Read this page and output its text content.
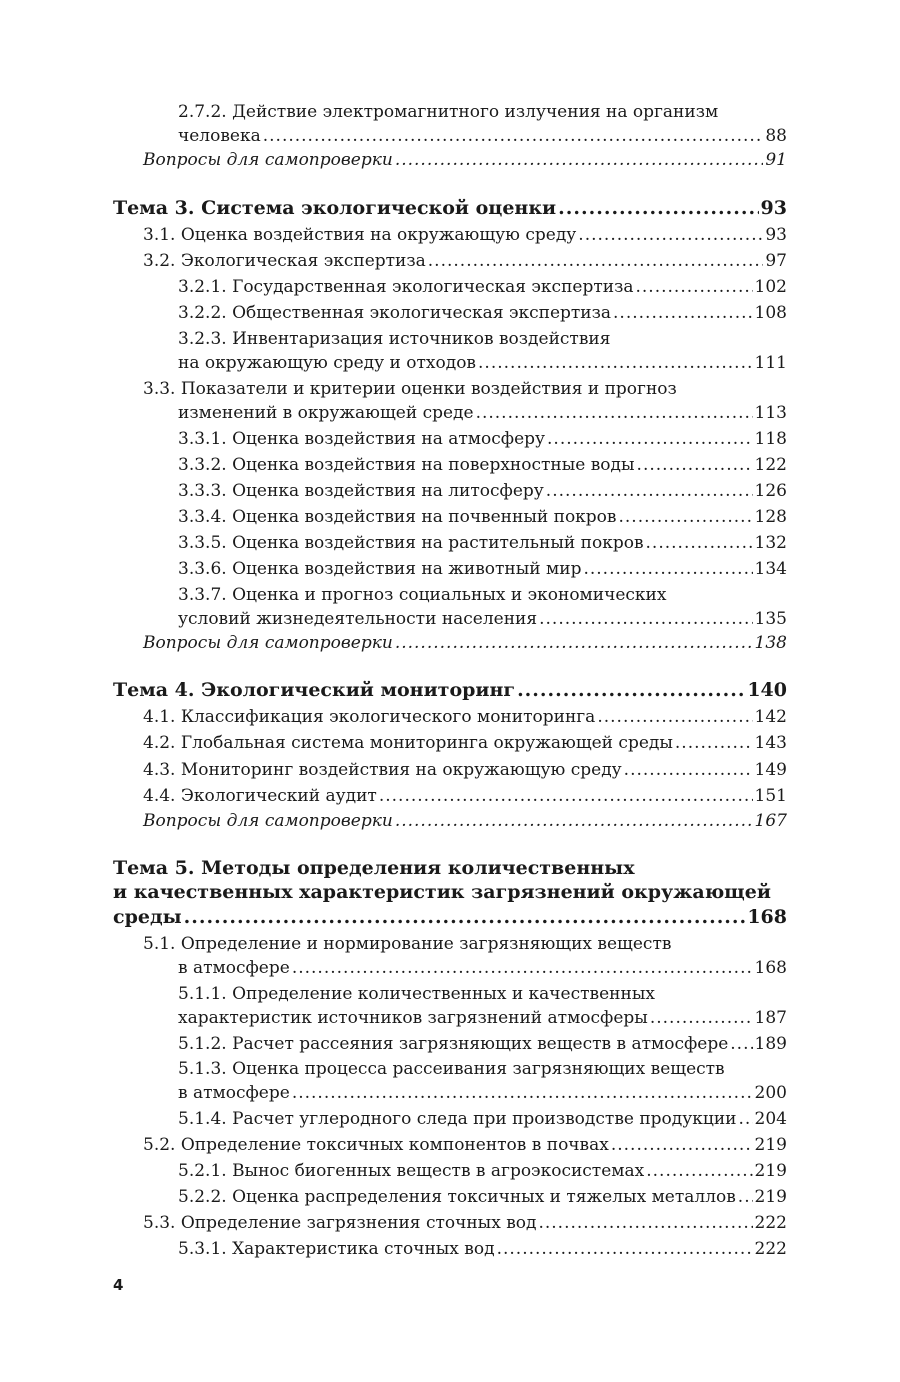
2.7.2. Действие электромагнитного излучения на организм
человека .....	88
Вопросы для самопроверки .....	91
Тема 3. Система экологической оценки .....	93
3.1. Оценка воздействия на окружающую среду .....	93
3.2. Экологическая экспертиза .....	97
3.2.1. Государственная экологическая экспертиза .....	102
3.2.2. Общественная экологическая экспертиза .....	108
3.2.3. Инвентаризация источников воздействия
на окружающую среду и отходов .....	111
3.3. Показатели и критерии оценки воздействия и прогноз
изменений в окружающей среде .....	113
3.3.1. Оценка воздействия на атмосферу .....	118
3.3.2. Оценка воздействия на поверхностные воды .....	122
3.3.3. Оценка воздействия на литосферу .....	126
3.3.4. Оценка воздействия на почвенный покров .....	128
3.3.5. Оценка воздействия на растительный покров .....	132
3.3.6. Оценка воздействия на животный мир .....	134
3.3.7. Оценка и прогноз социальных и экономических
условий жизнедеятельности населения .....	135
Вопросы для самопроверки .....	138
Тема 4. Экологический мониторинг .....	140
4.1. Классификация экологического мониторинга .....	142
4.2. Глобальная система мониторинга окружающей среды .....	143
4.3. Мониторинг воздействия на окружающую среду .....	149
4.4. Экологический аудит .....	151
Вопросы для самопроверки .....	167
Тема 5. Методы определения количественных
и качественных характеристик загрязнений окружающей
среды .....	168
5.1. Определение и нормирование загрязняющих веществ
в атмосфере .....	168
5.1.1. Определение количественных и качественных
характеристик источников загрязнений атмосферы .....	187
5.1.2. Расчет рассеяния загрязняющих веществ в атмосфере ..... 189
5.1.3. Оценка процесса рассеивания загрязняющих веществ
в атмосфере .....	200
5.1.4. Расчет углеродного следа при производстве продукции ..... 204
5.2. Определение токсичных компонентов в почвах .....	219
5.2.1. Вынос биогенных веществ в агроэкосистемах .....	219
5.2.2. Оценка распределения токсичных и тяжелых металлов ..... 219
5.3. Определение загрязнения сточных вод .....	222
5.3.1. Характеристика сточных вод .....	222
4
